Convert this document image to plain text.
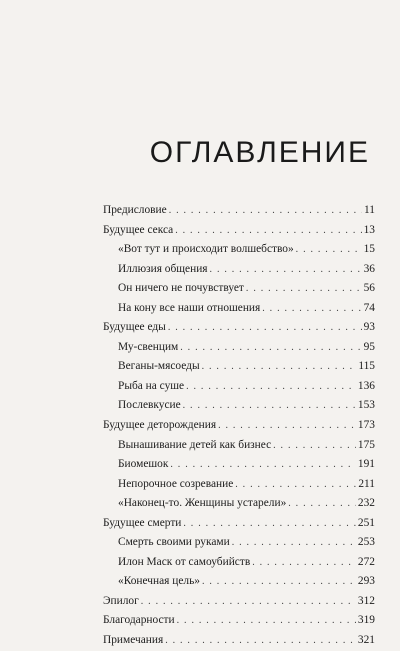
ОГЛАВЛЕНИЕ
Предисловие . . .	11
Будущее секса . . .	13
«Вот тут и происходит волшебство» . . .	15
Иллюзия общения . . .	36
Он ничего не почувствует . . .	56
На кону все наши отношения . . .	74
Будущее еды . . .	93
Му-свенцим . . .	95
Веганы-мясоеды . . .	115
Рыба на суше . . .	136
Послевкусие . . .	153
Будущее деторождения . . .	173
Вынашивание детей как бизнес . . .	175
Биомешок . . .	191
Непорочное созревание . . .	211
«Наконец-то. Женщины устарели» . . .	232
Будущее смерти . . .	251
Смерть своими руками . . .	253
Илон Маск от самоубийств . . .	272
«Конечная цель» . . .	293
Эпилог . . .	312
Благодарности . . .	319
Примечания . . .	321
